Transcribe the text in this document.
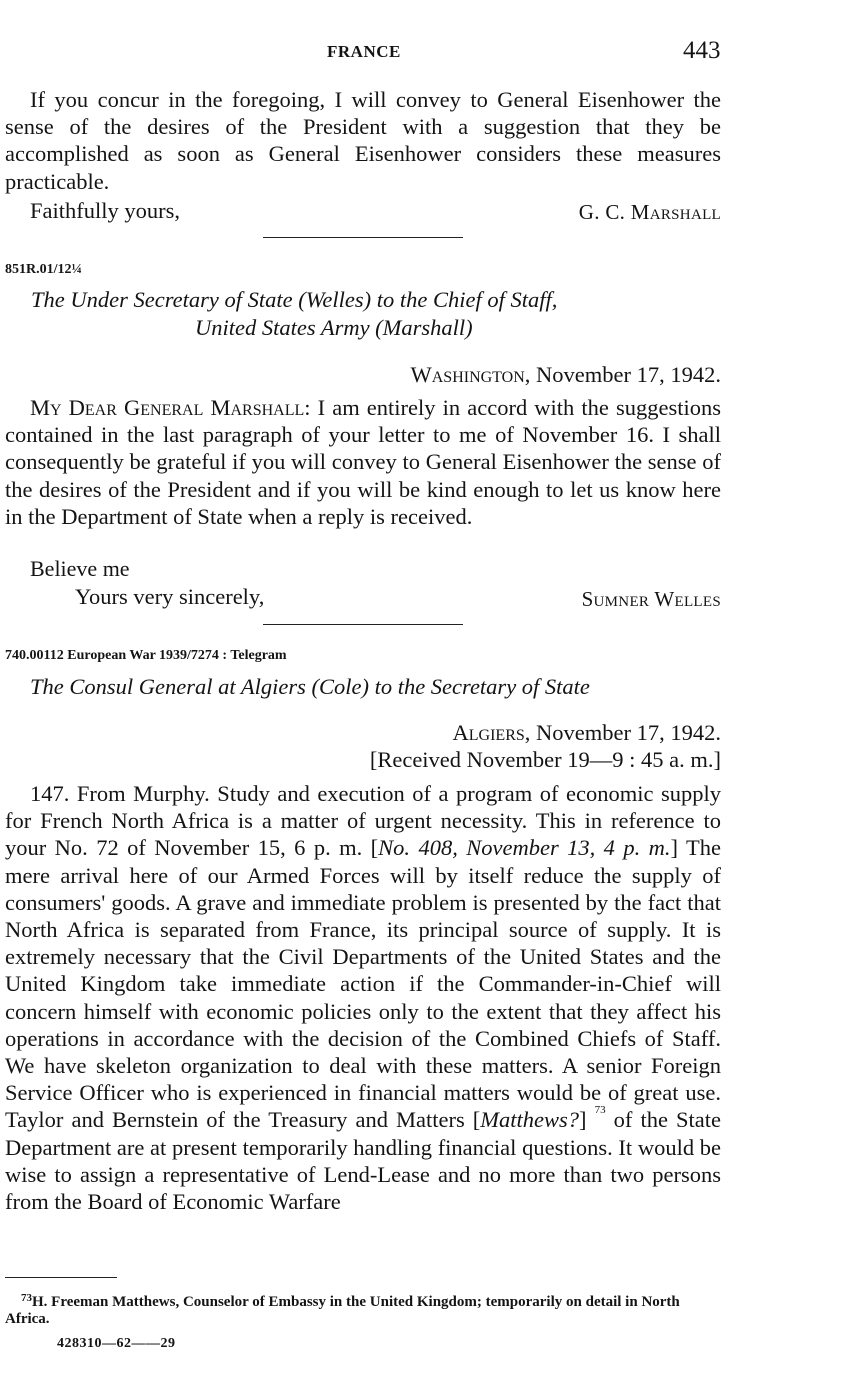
FRANCE	443

If you concur in the foregoing, I will convey to General Eisenhower the sense of the desires of the President with a suggestion that they be accomplished as soon as General Eisenhower considers these measures practicable.

Faithfully yours,	G. C. Marshall
851R.01/12¼
The Under Secretary of State (Welles) to the Chief of Staff,
United States Army (Marshall)
Washington, November 17, 1942.

My Dear General Marshall: I am entirely in accord with the suggestions contained in the last paragraph of your letter to me of November 16. I shall consequently be grateful if you will convey to General Eisenhower the sense of the desires of the President and if you will be kind enough to let us know here in the Department of State when a reply is received.

Believe me
Yours very sincerely,	Sumner Welles
740.00112 European War 1939/7274 : Telegram
The Consul General at Algiers (Cole) to the Secretary of State
Algiers, November 17, 1942.
[Received November 19—9 : 45 a. m.]

147. From Murphy. Study and execution of a program of economic supply for French North Africa is a matter of urgent necessity. This in reference to your No. 72 of November 15, 6 p. m. [No. 408, November 13, 4 p. m.] The mere arrival here of our Armed Forces will by itself reduce the supply of consumers' goods. A grave and immediate problem is presented by the fact that North Africa is separated from France, its principal source of supply. It is extremely necessary that the Civil Departments of the United States and the United Kingdom take immediate action if the Commander-in-Chief will concern himself with economic policies only to the extent that they affect his operations in accordance with the decision of the Combined Chiefs of Staff. We have skeleton organization to deal with these matters. A senior Foreign Service Officer who is experienced in financial matters would be of great use. Taylor and Bernstein of the Treasury and Matters [Matthews?] $^{73}$ of the State Department are at present temporarily handling financial questions. It would be wise to assign a representative of Lend-Lease and no more than two persons from the Board of Economic Warfare

$^{73}$H. Freeman Matthews, Counselor of Embassy in the United Kingdom; temporarily on detail in North Africa.
428310—62——29
